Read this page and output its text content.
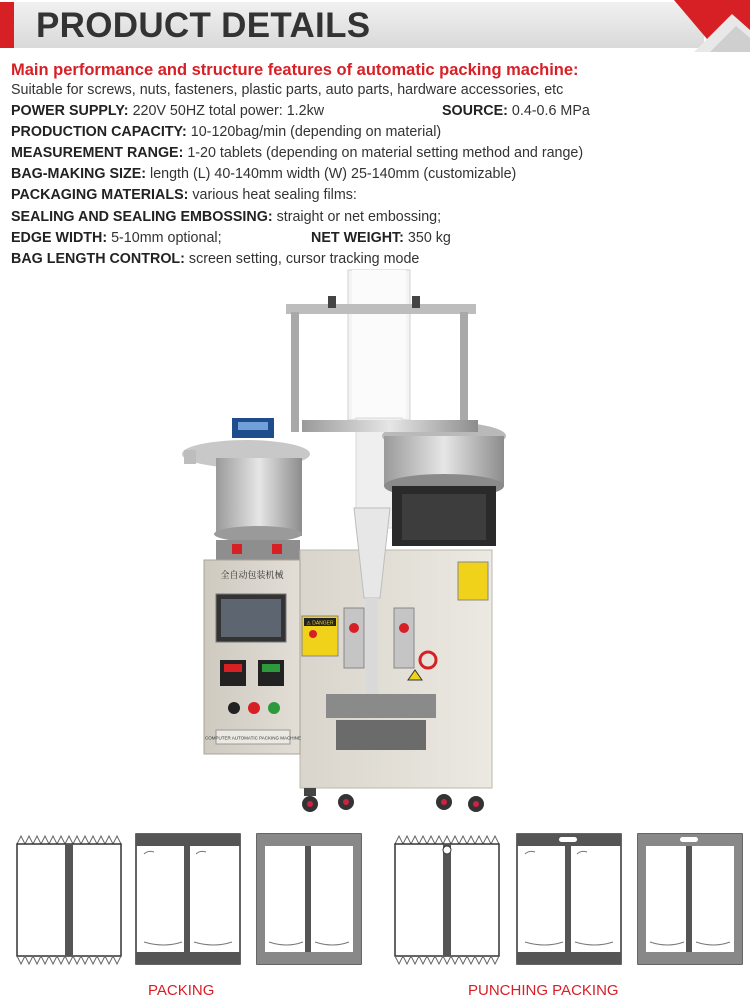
PRODUCT DETAILS
Main performance and structure features of automatic packing machine:
Suitable for screws, nuts, fasteners, plastic parts, auto parts, hardware accessories, etc
POWER SUPPLY: 220V 50HZ total power: 1.2kw	SOURCE: 0.4-0.6 MPa
PRODUCTION CAPACITY: 10-120bag/min (depending on material)
MEASUREMENT RANGE: 1-20 tablets (depending on material setting method and range)
BAG-MAKING SIZE: length (L) 40-140mm width (W) 25-140mm (customizable)
PACKAGING MATERIALS: various heat sealing films:
SEALING AND SEALING EMBOSSING: straight or net embossing;
EDGE WIDTH: 5-10mm optional;	NET WEIGHT: 350 kg
BAG LENGTH CONTROL: screen setting, cursor tracking mode
⚠ DANGER
全自动包装机械
COMPUTER AUTOMATIC PACKING MACHINE
PACKING	PUNCHING PACKING
